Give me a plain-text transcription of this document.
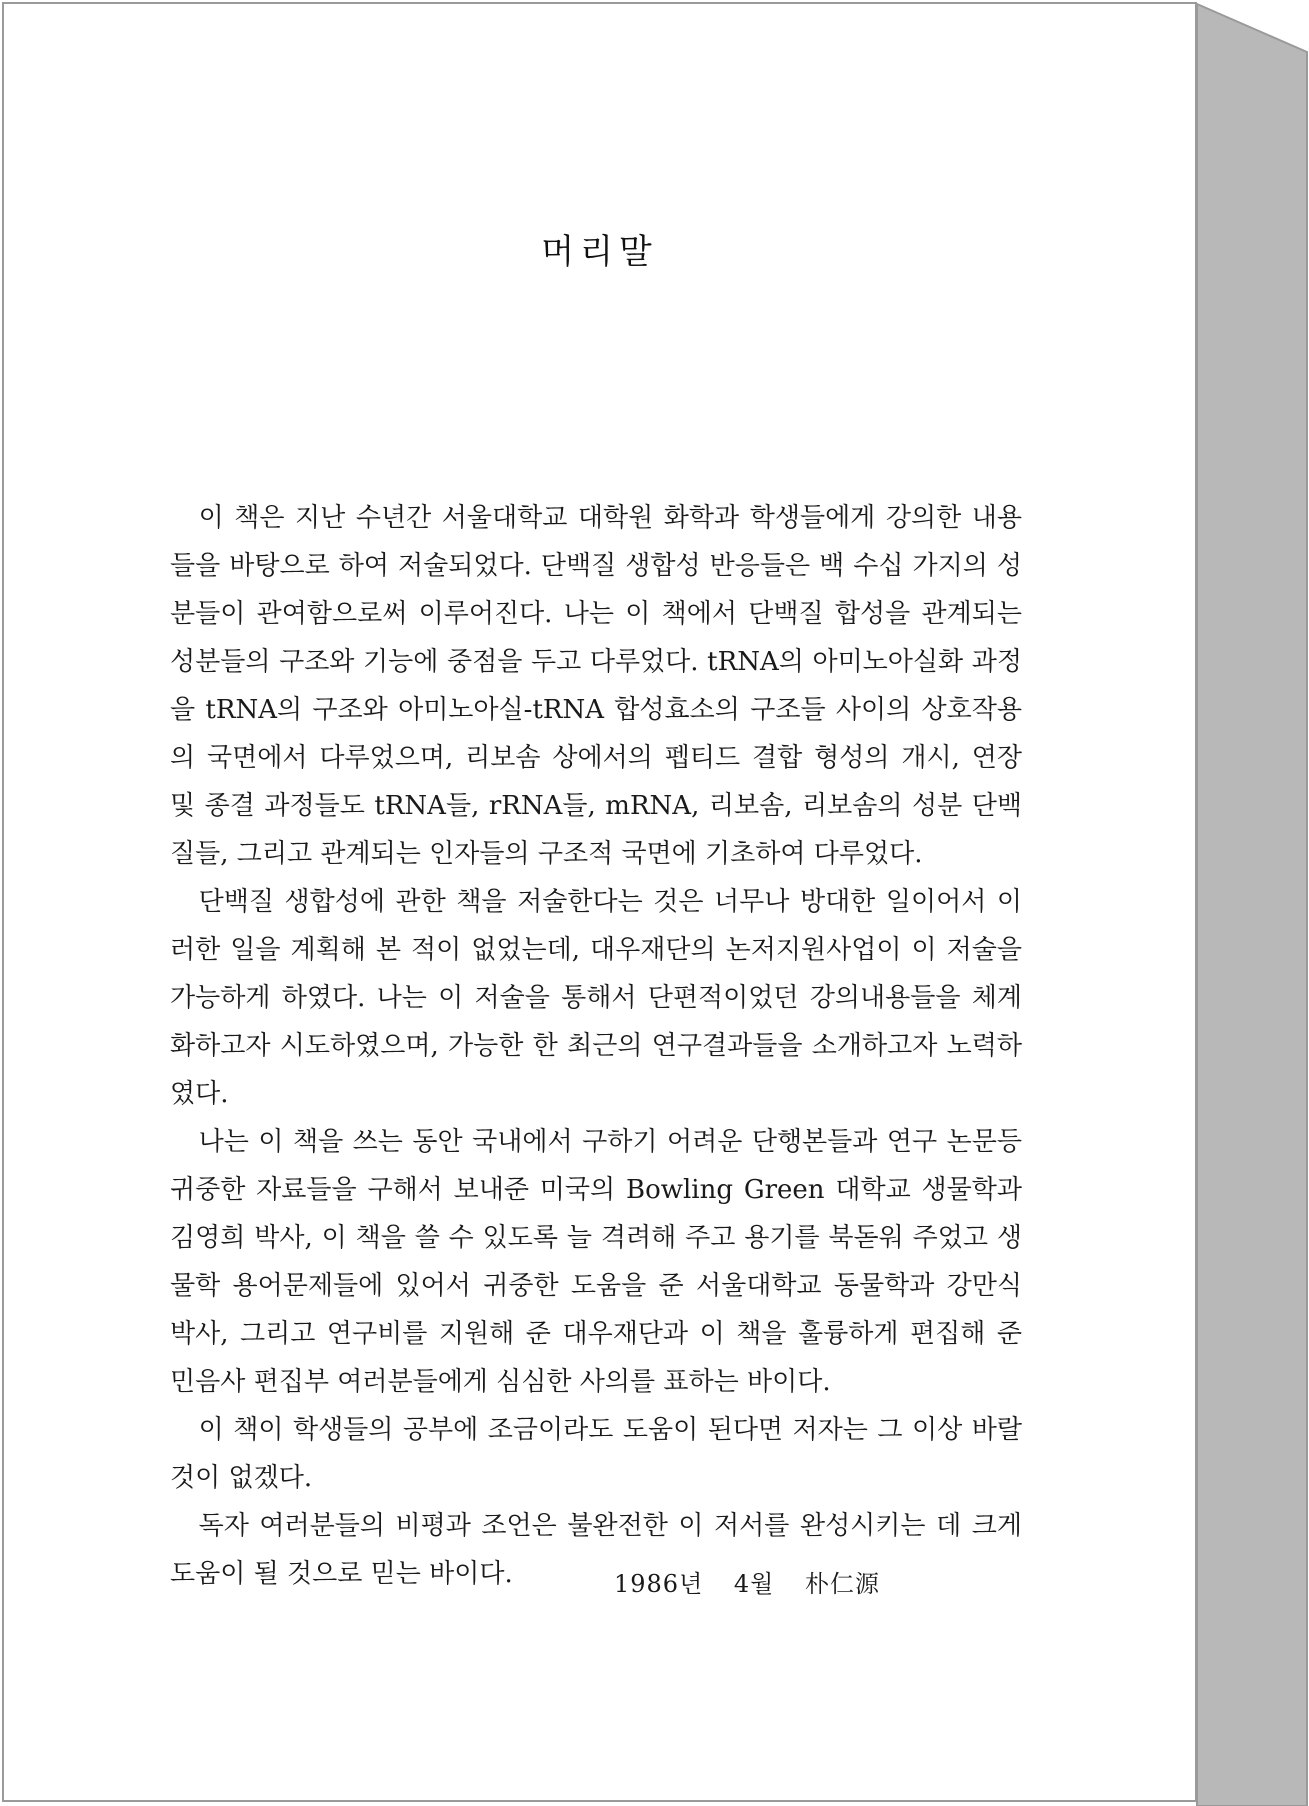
머리말

이 책은 지난 수년간 서울대학교 대학원 화학과 학생들에게 강의한 내용들을 바탕으로 하여 저술되었다. 단백질 생합성 반응들은 백 수십 가지의 성분들이 관여함으로써 이루어진다. 나는 이 책에서 단백질 합성을 관계되는 성분들의 구조와 기능에 중점을 두고 다루었다. tRNA의 아미노아실화 과정을 tRNA의 구조와 아미노아실-tRNA 합성효소의 구조들 사이의 상호작용의 국면에서 다루었으며, 리보솜 상에서의 펩티드 결합 형성의 개시, 연장 및 종결 과정들도 tRNA들, rRNA들, mRNA, 리보솜, 리보솜의 성분 단백질들, 그리고 관계되는 인자들의 구조적 국면에 기초하여 다루었다.

단백질 생합성에 관한 책을 저술한다는 것은 너무나 방대한 일이어서 이러한 일을 계획해 본 적이 없었는데, 대우재단의 논저지원사업이 이 저술을 가능하게 하였다. 나는 이 저술을 통해서 단편적이었던 강의내용들을 체계화하고자 시도하였으며, 가능한 한 최근의 연구결과들을 소개하고자 노력하였다.

나는 이 책을 쓰는 동안 국내에서 구하기 어려운 단행본들과 연구 논문등 귀중한 자료들을 구해서 보내준 미국의 Bowling Green 대학교 생물학과 김영희 박사, 이 책을 쓸 수 있도록 늘 격려해 주고 용기를 북돋워 주었고 생물학 용어문제들에 있어서 귀중한 도움을 준 서울대학교 동물학과 강만식 박사, 그리고 연구비를 지원해 준 대우재단과 이 책을 훌륭하게 편집해 준 민음사 편집부 여러분들에게 심심한 사의를 표하는 바이다.

이 책이 학생들의 공부에 조금이라도 도움이 된다면 저자는 그 이상 바랄 것이 없겠다.

독자 여러분들의 비평과 조언은 불완전한 이 저서를 완성시키는 데 크게 도움이 될 것으로 믿는 바이다.	1986년 4월 朴仁源
